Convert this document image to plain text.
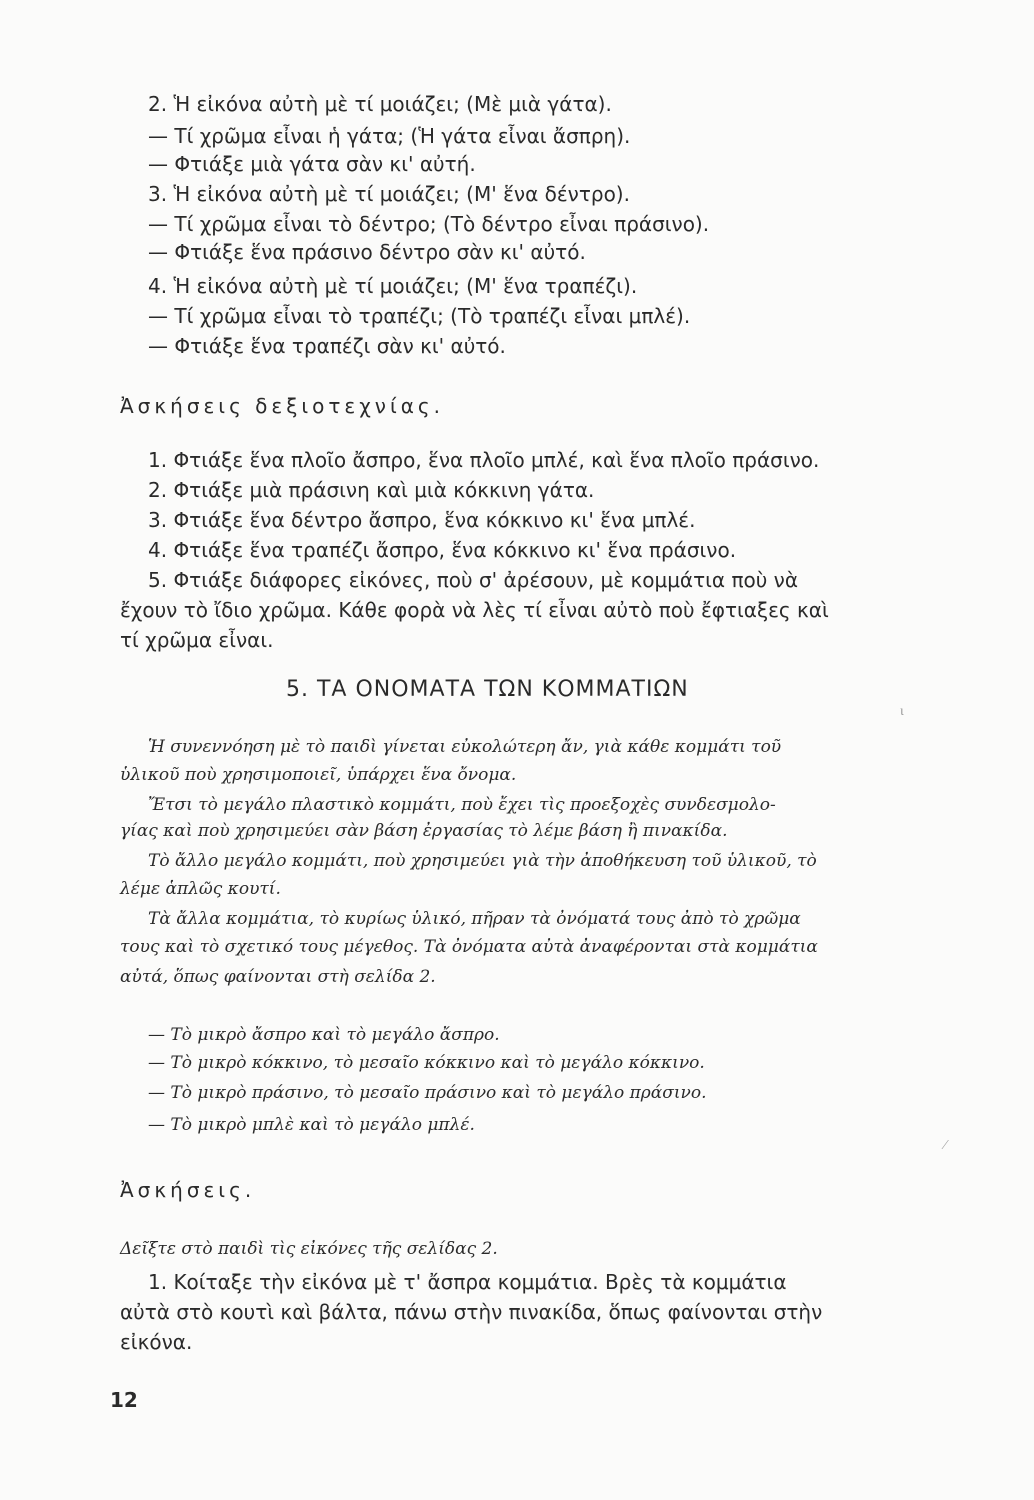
2. Ἡ εἰκόνα αὐτὴ μὲ τί μοιάζει; (Μὲ μιὰ γάτα).
— Τί χρῶμα εἶναι ἡ γάτα; (Ἡ γάτα εἶναι ἄσπρη).
— Φτιάξε μιὰ γάτα σὰν κι' αὐτή.
3. Ἡ εἰκόνα αὐτὴ μὲ τί μοιάζει; (Μ' ἕνα δέντρο).
— Τί χρῶμα εἶναι τὸ δέντρο; (Τὸ δέντρο εἶναι πράσινο).
— Φτιάξε ἕνα πράσινο δέντρο σὰν κι' αὐτό.
4. Ἡ εἰκόνα αὐτὴ μὲ τί μοιάζει; (Μ' ἕνα τραπέζι).
— Τί χρῶμα εἶναι τὸ τραπέζι; (Τὸ τραπέζι εἶναι μπλέ).
— Φτιάξε ἕνα τραπέζι σὰν κι' αὐτό.
Ἀσκήσεις δεξιοτεχνίας.
1. Φτιάξε ἕνα πλοῖο ἄσπρο, ἕνα πλοῖο μπλέ, καὶ ἕνα πλοῖο πράσινο.
2. Φτιάξε μιὰ πράσινη καὶ μιὰ κόκκινη γάτα.
3. Φτιάξε ἕνα δέντρο ἄσπρο, ἕνα κόκκινο κι' ἕνα μπλέ.
4. Φτιάξε ἕνα τραπέζι ἄσπρο, ἕνα κόκκινο κι' ἕνα πράσινο.
5. Φτιάξε διάφορες εἰκόνες, ποὺ σ' ἀρέσουν, μὲ κομμάτια ποὺ νὰ
ἔχουν τὸ ἴδιο χρῶμα. Κάθε φορὰ νὰ λὲς τί εἶναι αὐτὸ ποὺ ἔφτιαξες καὶ
τί χρῶμα εἶναι.
5. ΤΑ ΟΝΟΜΑΤΑ ΤΩΝ ΚΟΜΜΑΤΙΩΝ
ι
Ἡ συνεννόηση μὲ τὸ παιδὶ γίνεται εὐκολώτερη ἄν, γιὰ κάθε κομμάτι τοῦ
ὑλικοῦ ποὺ χρησιμοποιεῖ, ὑπάρχει ἕνα ὄνομα.
Ἔτσι τὸ μεγάλο πλαστικὸ κομμάτι, ποὺ ἔχει τὶς προεξοχὲς συνδεσμολο-
γίας καὶ ποὺ χρησιμεύει σὰν βάση ἐργασίας τὸ λέμε βάση ἢ πινακίδα.
Τὸ ἄλλο μεγάλο κομμάτι, ποὺ χρησιμεύει γιὰ τὴν ἀποθήκευση τοῦ ὑλικοῦ, τὸ
λέμε ἁπλῶς κουτί.
Τὰ ἄλλα κομμάτια, τὸ κυρίως ὑλικό, πῆραν τὰ ὀνόματά τους ἀπὸ τὸ χρῶμα
τους καὶ τὸ σχετικό τους μέγεθος. Τὰ ὀνόματα αὐτὰ ἀναφέρονται στὰ κομμάτια
αὐτά, ὅπως φαίνονται στὴ σελίδα 2.
— Τὸ μικρὸ ἄσπρο καὶ τὸ μεγάλο ἄσπρο.
— Τὸ μικρὸ κόκκινο, τὸ μεσαῖο κόκκινο καὶ τὸ μεγάλο κόκκινο.
— Τὸ μικρὸ πράσινο, τὸ μεσαῖο πράσινο καὶ τὸ μεγάλο πράσινο.
— Τὸ μικρὸ μπλὲ καὶ τὸ μεγάλο μπλέ.
⁄
Ἀσκήσεις.
Δεῖξτε στὸ παιδὶ τὶς εἰκόνες τῆς σελίδας 2.
1. Κοίταξε τὴν εἰκόνα μὲ τ' ἄσπρα κομμάτια. Βρὲς τὰ κομμάτια
αὐτὰ στὸ κουτὶ καὶ βάλτα, πάνω στὴν πινακίδα, ὅπως φαίνονται στὴν
εἰκόνα.
12
